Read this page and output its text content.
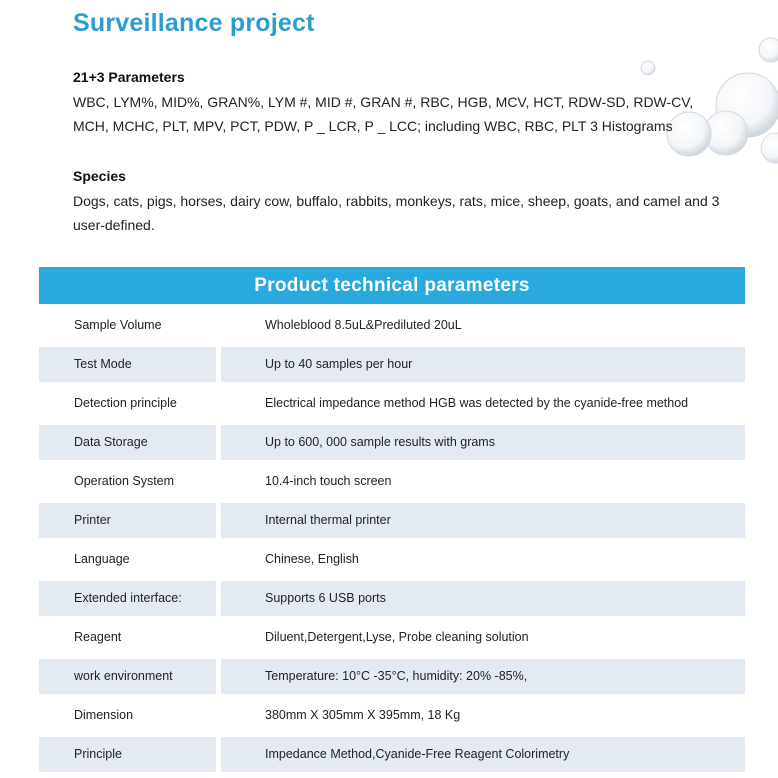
Surveillance project

21+3 Parameters

WBC, LYM%, MID%, GRAN%, LYM #, MID #, GRAN #, RBC, HGB, MCV, HCT, RDW-SD, RDW-CV, MCH, MCHC, PLT, MPV, PCT, PDW, P _ LCR, P _ LCC; including WBC, RBC, PLT 3 Histograms

Species

Dogs, cats, pigs, horses, dairy cow, buffalo, rabbits, monkeys, rats, mice, sheep, goats, and camel and 3 user-defined.

Product technical parameters
Sample Volume	Wholeblood 8.5uL&Prediluted 20uL
Test Mode	Up to 40 samples per hour
Detection principle	Electrical impedance method HGB was detected by the cyanide-free method
Data Storage	Up to 600, 000 sample results with grams
Operation System	10.4-inch touch screen
Printer	Internal thermal printer
Language	Chinese, English
Extended interface:	Supports 6 USB ports
Reagent	Diluent,Detergent,Lyse, Probe cleaning solution
work environment	Temperature: 10°C -35°C, humidity: 20% -85%,
Dimension	380mm X 305mm X 395mm, 18 Kg
Principle	Impedance Method,Cyanide-Free Reagent Colorimetry
